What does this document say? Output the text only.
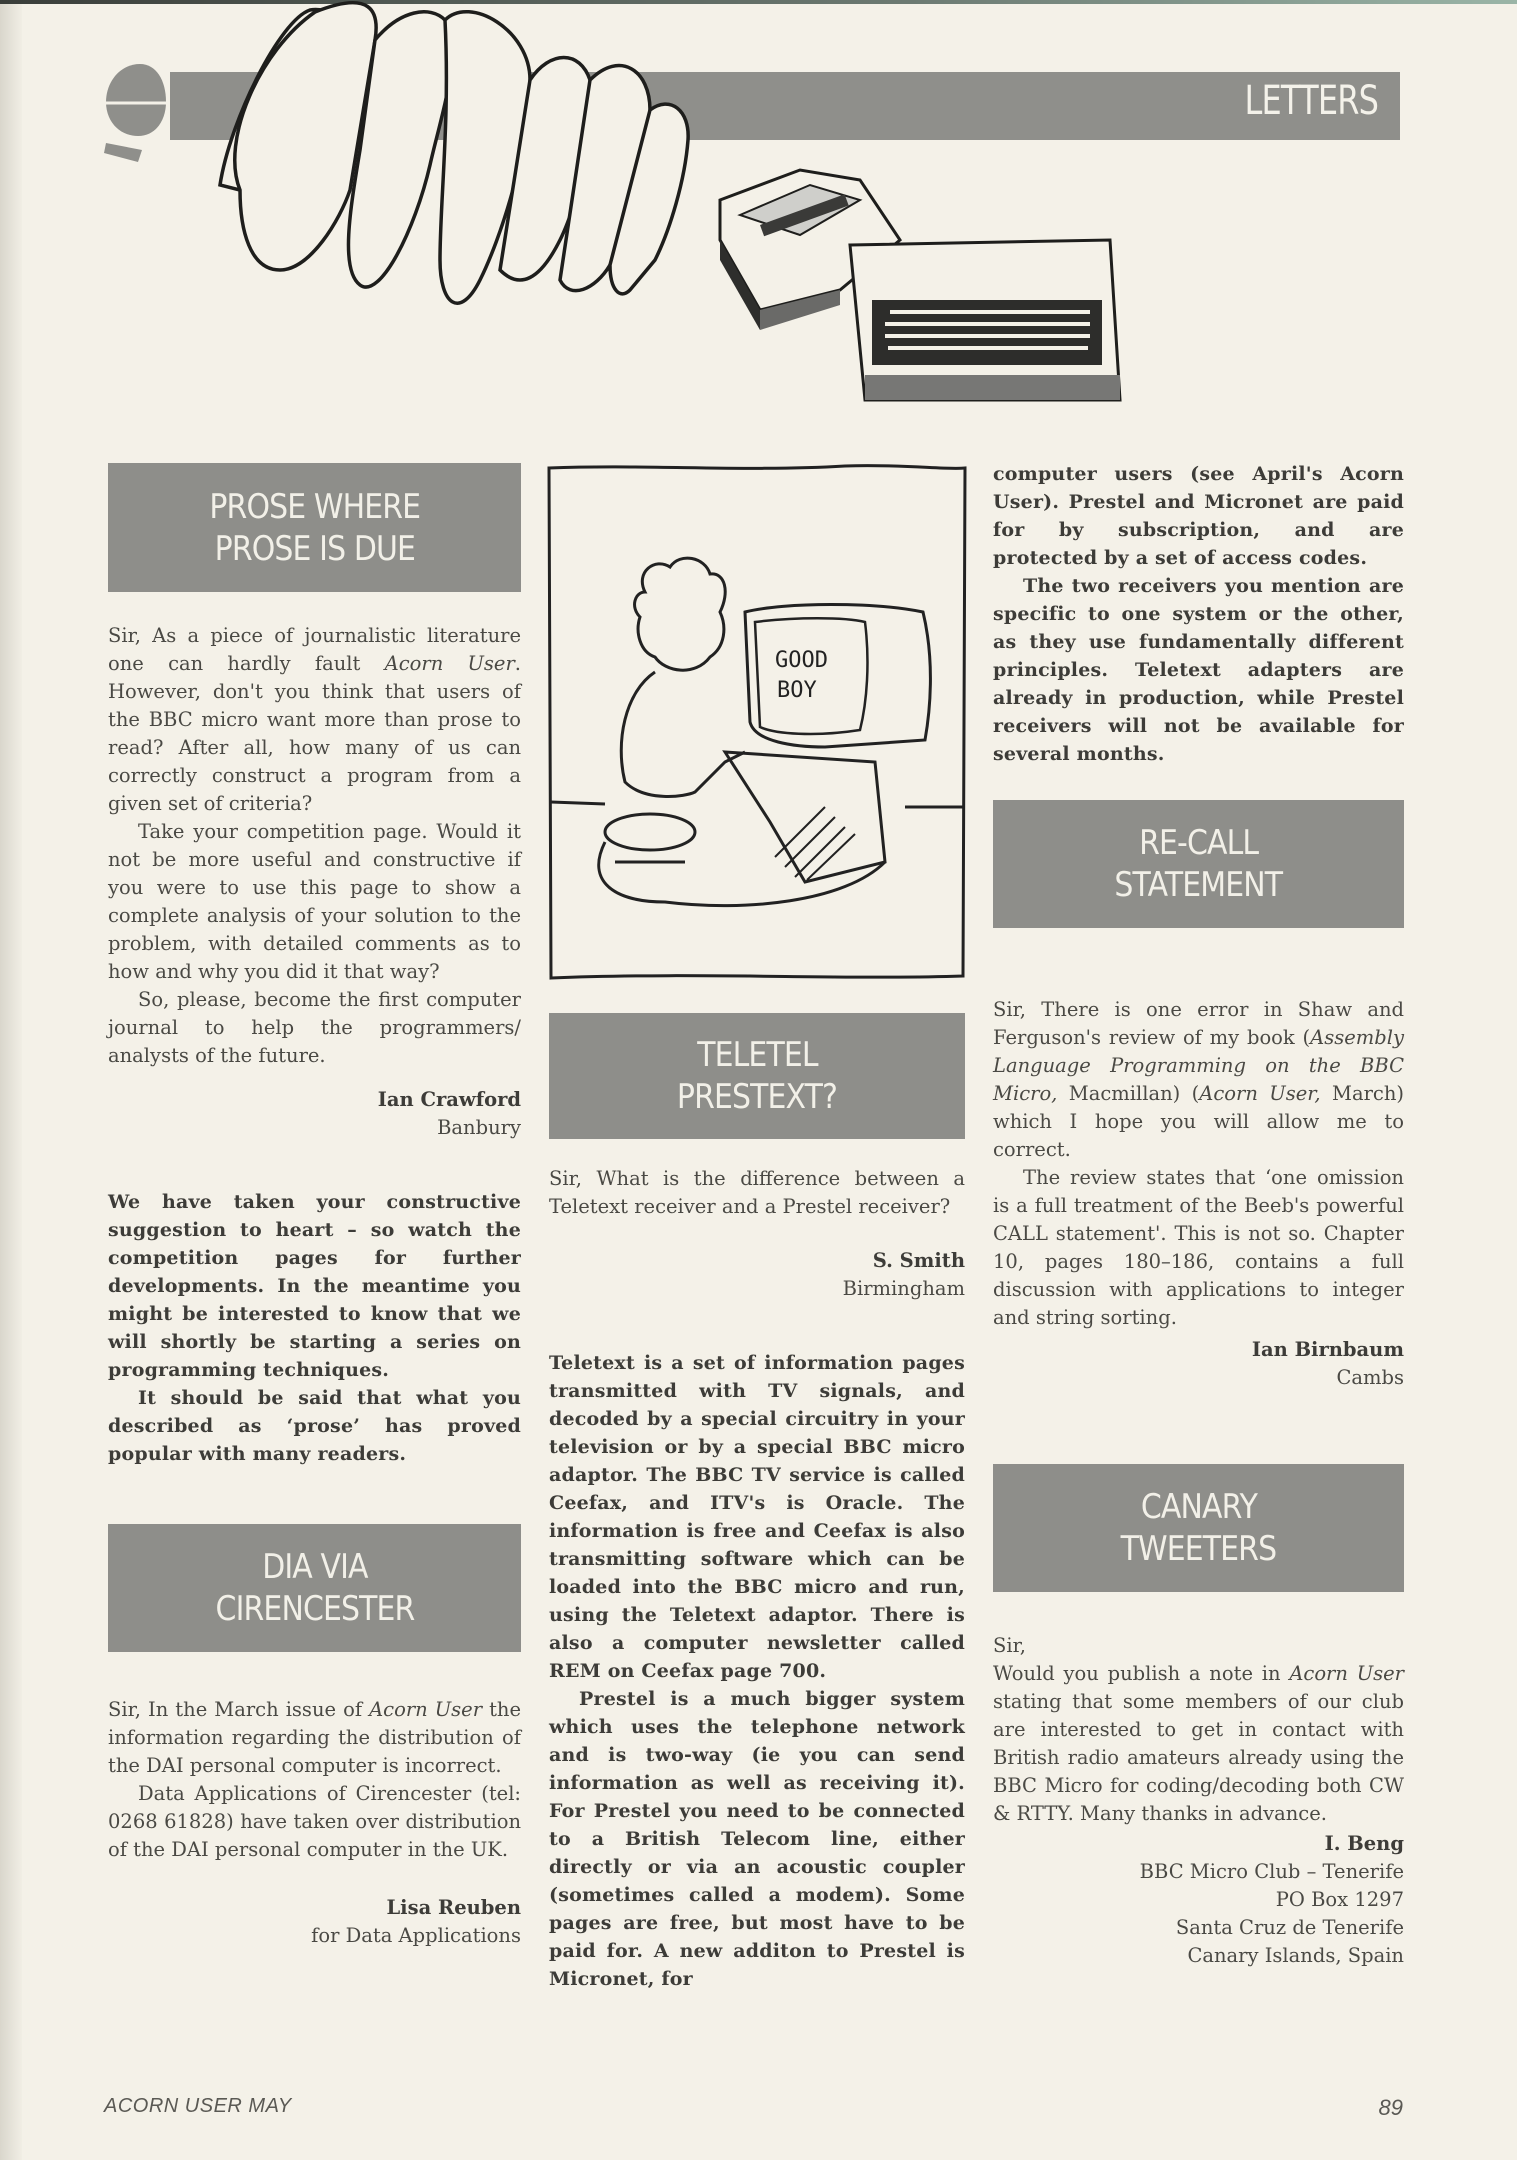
LETTERS
GOOD
BOY
PROSE WHERE
PROSE IS DUE

Sir, As a piece of journalistic literature one can hardly fault Acorn User. However, don't you think that users of the BBC micro want more than prose to read? After all, how many of us can correctly construct a program from a given set of criteria?

Take your competition page. Would it not be more useful and constructive if you were to use this page to show a complete analysis of your solution to the problem, with detailed comments as to how and why you did it that way?

So, please, become the first computer journal to help the programmers/ analysts of the future.

Ian Crawford
Banbury

We have taken your constructive suggestion to heart – so watch the competition pages for further developments. In the meantime you might be interested to know that we will shortly be starting a series on programming techniques.

It should be said that what you described as ‘prose’ has proved popular with many readers.

DIA VIA
CIRENCESTER

Sir, In the March issue of Acorn User the information regarding the distribution of the DAI personal computer is incorrect.

Data Applications of Cirencester (tel: 0268 61828) have taken over distribution of the DAI personal computer in the UK.

Lisa Reuben
for Data Applications
TELETEL
PRESTEXT?

Sir, What is the difference between a Teletext receiver and a Prestel receiver?

S. Smith
Birmingham

Teletext is a set of information pages transmitted with TV signals, and decoded by a special circuitry in your television or by a special BBC micro adaptor. The BBC TV service is called Ceefax, and ITV's is Oracle. The information is free and Ceefax is also transmitting software which can be loaded into the BBC micro and run, using the Teletext adaptor. There is also a computer newsletter called REM on Ceefax page 700.

Prestel is a much bigger system which uses the telephone network and is two-way (ie you can send information as well as receiving it). For Prestel you need to be connected to a British Telecom line, either directly or via an acoustic coupler (sometimes called a modem). Some pages are free, but most have to be paid for. A new additon to Prestel is Micronet, for

computer users (see April's Acorn User). Prestel and Micronet are paid for by subscription, and are protected by a set of access codes.

The two receivers you mention are specific to one system or the other, as they use fundamentally different principles. Teletext adapters are already in production, while Prestel receivers will not be available for several months.

RE-CALL
STATEMENT

Sir, There is one error in Shaw and Ferguson's review of my book (Assembly Language Programming on the BBC Micro, Macmillan) (Acorn User, March) which I hope you will allow me to correct.

The review states that ‘one omission is a full treatment of the Beeb's powerful CALL statement'. This is not so. Chapter 10, pages 180–186, contains a full discussion with applications to integer and string sorting.

Ian Birnbaum
Cambs
CANARY
TWEETERS

Sir,

Would you publish a note in Acorn User stating that some members of our club are interested to get in contact with British radio amateurs already using the BBC Micro for coding/decoding both CW & RTTY. Many thanks in advance.

I. Beng
BBC Micro Club – Tenerife
PO Box 1297
Santa Cruz de Tenerife
Canary Islands, Spain
ACORN USER MAY	89
